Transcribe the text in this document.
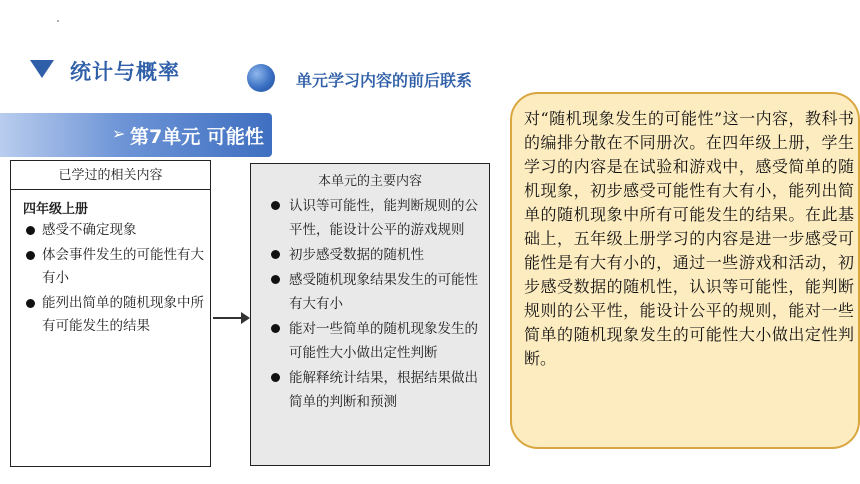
统计与概率	单元学习内容的前后联系
➢ 第7单元 可能性
已学过的相关内容
四年级上册
感受不确定现象
体会事件发生的可能性有大有小
能列出简单的随机现象中所有可能发生的结果
本单元的主要内容
认识等可能性，能判断规则的公平性，能设计公平的游戏规则
初步感受数据的随机性
感受随机现象结果发生的可能性有大有小
能对一些简单的随机现象发生的可能性大小做出定性判断
能解释统计结果，根据结果做出简单的判断和预测
对“随机现象发生的可能性”这一内容，教科书的编排分散在不同册次。在四年级上册，学生学习的内容是在试验和游戏中，感受简单的随机现象，初步感受可能性有大有小，能列出简单的随机现象中所有可能发生的结果。在此基础上，五年级上册学习的内容是进一步感受可能性是有大有小的，通过一些游戏和活动，初步感受数据的随机性，认识等可能性，能判断规则的公平性，能设计公平的规则，能对一些简单的随机现象发生的可能性大小做出定性判断。
